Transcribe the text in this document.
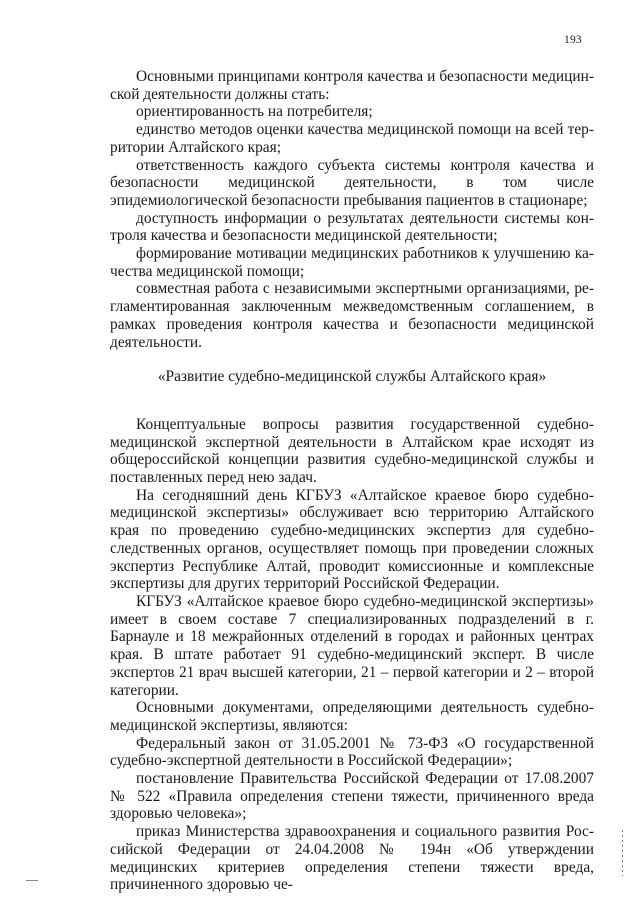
193

Основными принципами контроля качества и безопасности медицинской деятельности должны стать:

ориентированность на потребителя;

единство методов оценки качества медицинской помощи на всей территории Алтайского края;

ответственность каждого субъекта системы контроля качества и безопасности медицинской деятельности, в том числе эпидемиологической безопасности пребывания пациентов в стационаре;

доступность информации о результатах деятельности системы контроля качества и безопасности медицинской деятельности;

формирование мотивации медицинских работников к улучшению качества медицинской помощи;

совместная работа с независимыми экспертными организациями, регламентированная заключенным межведомственным соглашением, в рамках проведения контроля качества и безопасности медицинской деятельности.

«Развитие судебно-медицинской службы Алтайского края»

Концептуальные вопросы развития государственной судебно-медицинской экспертной деятельности в Алтайском крае исходят из общероссийской концепции развития судебно-медицинской службы и поставленных перед нею задач.

На сегодняшний день КГБУЗ «Алтайское краевое бюро судебно-медицинской экспертизы» обслуживает всю территорию Алтайского края по проведению судебно-медицинских экспертиз для судебно-следственных органов, осуществляет помощь при проведении сложных экспертиз Республике Алтай, проводит комиссионные и комплексные экспертизы для других территорий Российской Федерации.

КГБУЗ «Алтайское краевое бюро судебно-медицинской экспертизы» имеет в своем составе 7 специализированных подразделений в г. Барнауле и 18 межрайонных отделений в городах и районных центрах края. В штате работает 91 судебно-медицинский эксперт. В числе экспертов 21 врач высшей категории, 21 – первой категории и 2 – второй категории.

Основными документами, определяющими деятельность судебно-медицинской экспертизы, являются:

Федеральный закон от 31.05.2001 № 73-ФЗ «О государственной судебно-экспертной деятельности в Российской Федерации»;

постановление Правительства Российской Федерации от 17.08.2007 № 522 «Правила определения степени тяжести, причиненного вреда здоровью человека»;

приказ Министерства здравоохранения и социального развития Российской Федерации от 24.04.2008 № 194н «Об утверждении медицинских критериев определения степени тяжести вреда, причиненного здоровью че-
